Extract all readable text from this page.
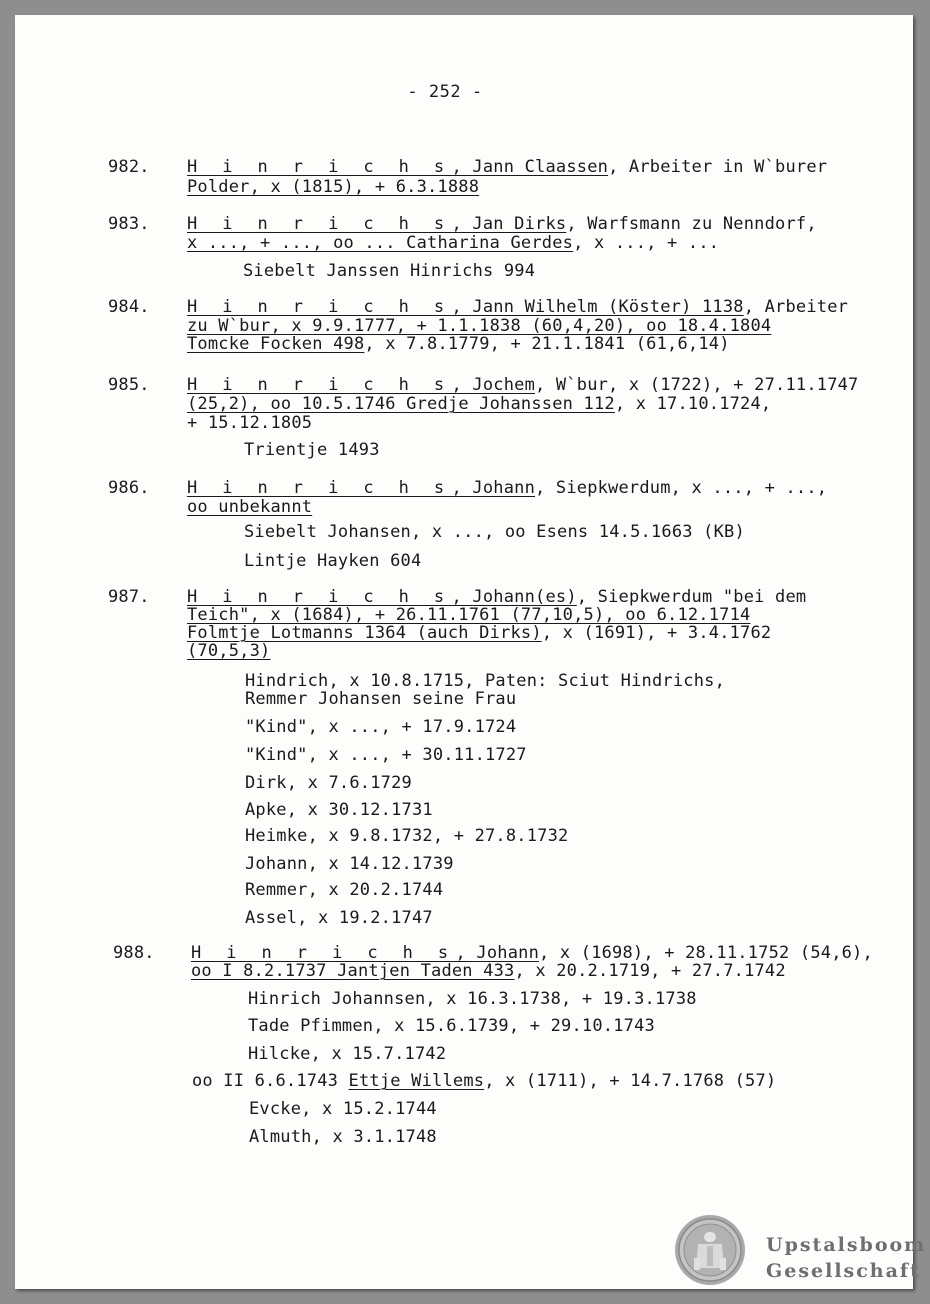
- 252 -
982. H i n r i c h s, Jann Claassen, Arbeiter in W`burer
Polder, x (1815), + 6.3.1888
983. H i n r i c h s, Jan Dirks, Warfsmann zu Nenndorf,
x ..., + ..., oo ... Catharina Gerdes, x ..., + ...
Siebelt Janssen Hinrichs 994
984. H i n r i c h s, Jann Wilhelm (Köster) 1138, Arbeiter
zu W`bur, x 9.9.1777, + 1.1.1838 (60,4,20), oo 18.4.1804
Tomcke Focken 498, x 7.8.1779, + 21.1.1841 (61,6,14)
985. H i n r i c h s, Jochem, W`bur, x (1722), + 27.11.1747
(25,2), oo 10.5.1746 Gredje Johanssen 112, x 17.10.1724,
+ 15.12.1805
Trientje 1493
986. H i n r i c h s, Johann, Siepkwerdum, x ..., + ...,
oo unbekannt
Siebelt Johansen, x ..., oo Esens 14.5.1663 (KB)
Lintje Hayken 604
987. H i n r i c h s, Johann(es), Siepkwerdum "bei dem
Teich", x (1684), + 26.11.1761 (77,10,5), oo 6.12.1714
Folmtje Lotmanns 1364 (auch Dirks), x (1691), + 3.4.1762
(70,5,3)
Hindrich, x 10.8.1715, Paten: Sciut Hindrichs,
Remmer Johansen seine Frau
"Kind", x ..., + 17.9.1724
"Kind", x ..., + 30.11.1727
Dirk, x 7.6.1729
Apke, x 30.12.1731
Heimke, x 9.8.1732, + 27.8.1732
Johann, x 14.12.1739
Remmer, x 20.2.1744
Assel, x 19.2.1747
988. H i n r i c h s, Johann, x (1698), + 28.11.1752 (54,6),
oo I 8.2.1737 Jantjen Taden 433, x 20.2.1719, + 27.7.1742
Hinrich Johannsen, x 16.3.1738, + 19.3.1738
Tade Pfimmen, x 15.6.1739, + 29.10.1743
Hilcke, x 15.7.1742
oo II 6.6.1743 Ettje Willems, x (1711), + 14.7.1768 (57)
Evcke, x 15.2.1744
Almuth, x 3.1.1748
Upstalsboom
Gesellschaft
